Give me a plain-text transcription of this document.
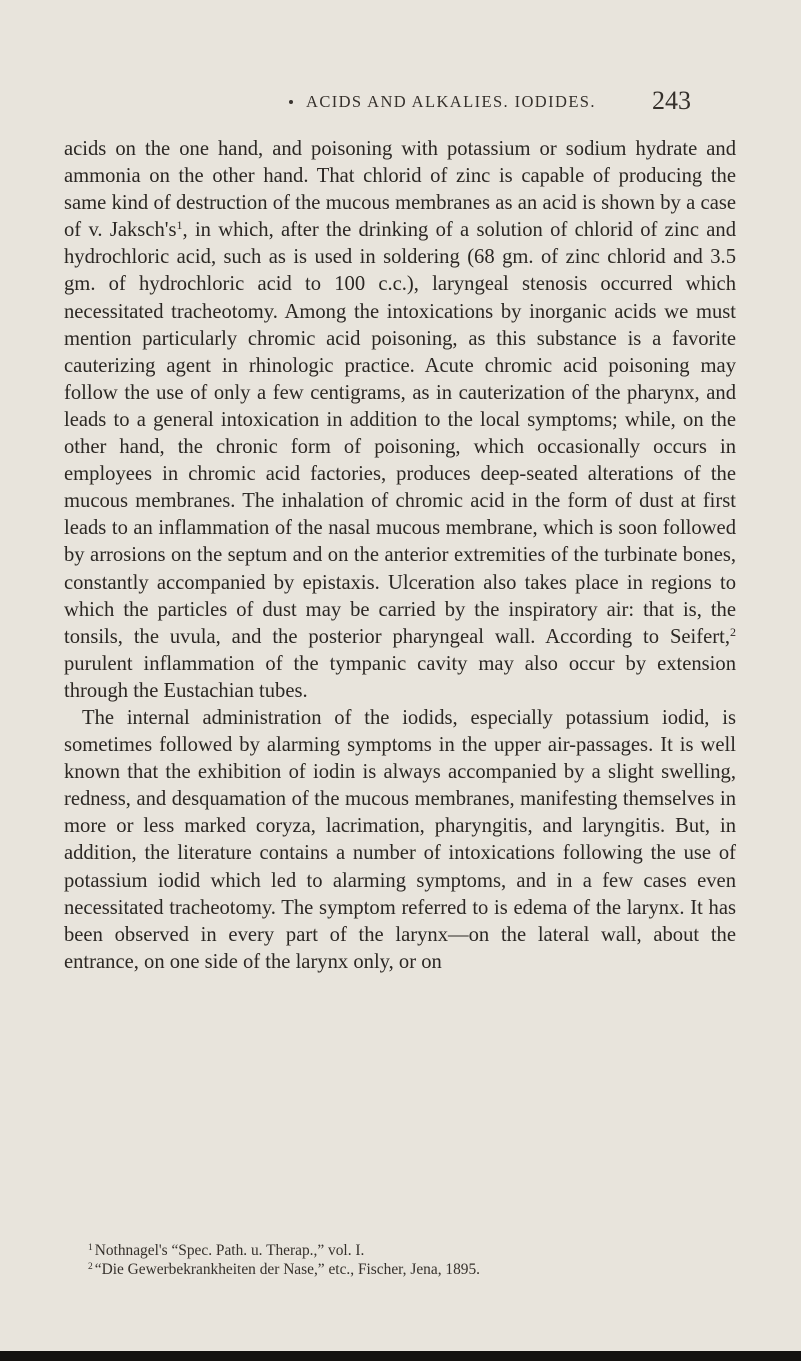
ACIDS AND ALKALIES. IODIDES. 243

acids on the one hand, and poisoning with potassium or sodium hydrate and ammonia on the other hand. That chlorid of zinc is capable of producing the same kind of destruction of the mucous membranes as an acid is shown by a case of v. $Jaksch's^1$, in which, after the drinking of a solution of chlorid of zinc and hydrochloric acid, such as is used in soldering (68 gm. of zinc chlorid and 3.5 gm. of hydrochloric acid to 100 c.c.), laryngeal stenosis occurred which necessitated tracheotomy. Among the intoxications by inorganic acids we must mention particularly chromic acid poisoning, as this substance is a favorite cauterizing agent in rhinologic practice. Acute chromic acid poisoning may follow the use of only a few centigrams, as in cauterization of the pharynx, and leads to a general intoxication in addition to the local symptoms; while, on the other hand, the chronic form of poisoning, which occasionally occurs in employees in chromic acid factories, produces deep-seated alterations of the mucous membranes. The inhalation of chromic acid in the form of dust at first leads to an inflammation of the nasal mucous membrane, which is soon followed by arrosions on the septum and on the anterior extremities of the turbinate bones, constantly accompanied by epistaxis. Ulceration also takes place in regions to which the particles of dust may be carried by the inspiratory air: that is, the tonsils, the uvula, and the posterior pharyngeal wall. According to Seifert,$^2$ purulent inflammation of the tympanic cavity may also occur by extension through the Eustachian tubes.

The internal administration of the iodids, especially potassium iodid, is sometimes followed by alarming symptoms in the upper air-passages. It is well known that the exhibition of iodin is always accompanied by a slight swelling, redness, and desquamation of the mucous membranes, manifesting themselves in more or less marked coryza, lacrimation, pharyngitis, and laryngitis. But, in addition, the literature contains a number of intoxications following the use of potassium iodid which led to alarming symptoms, and in a few cases even necessitated tracheotomy. The symptom referred to is edema of the larynx. It has been observed in every part of the larynx—on the lateral wall, about the entrance, on one side of the larynx only, or on

$^1$ Nothnagel's “Spec. Path. u. Therap.,” vol. I.
$^2$ “Die Gewerbekrankheiten der Nase,” etc., Fischer, Jena, 1895.
